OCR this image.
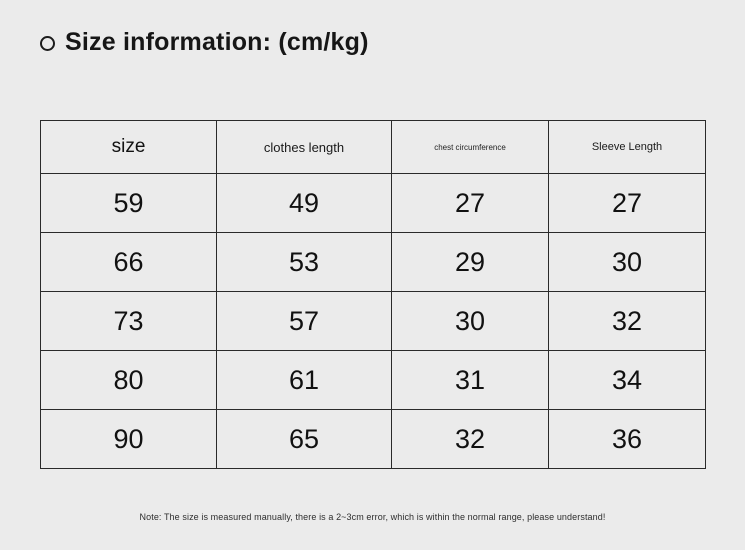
Size information: (cm/kg)
size	clothes length	chest circumference	Sleeve Length
59	49	27	27
66	53	29	30
73	57	30	32
80	61	31	34
90	65	32	36
Note: The size is measured manually, there is a 2~3cm error, which is within the normal range, please understand!
